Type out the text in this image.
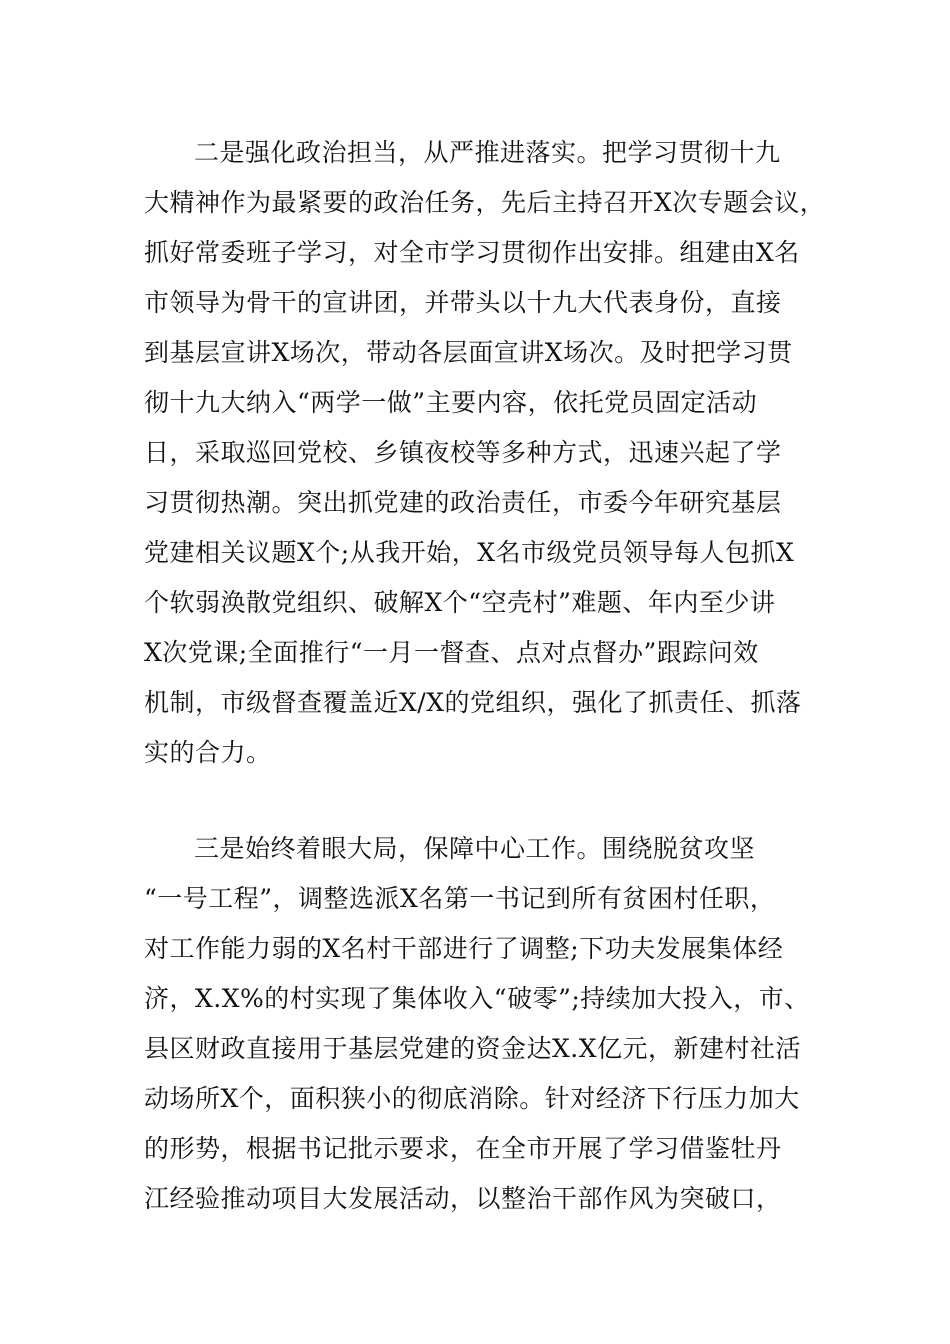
二是强化政治担当，从严推进落实。把学习贯彻十九
大精神作为最紧要的政治任务，先后主持召开X次专题会议，
抓好常委班子学习，对全市学习贯彻作出安排。组建由X名
市领导为骨干的宣讲团，并带头以十九大代表身份，直接
到基层宣讲X场次，带动各层面宣讲X场次。及时把学习贯
彻十九大纳入“两学一做”主要内容，依托党员固定活动
日，采取巡回党校、乡镇夜校等多种方式，迅速兴起了学
习贯彻热潮。突出抓党建的政治责任，市委今年研究基层
党建相关议题X个;从我开始，X名市级党员领导每人包抓X
个软弱涣散党组织、破解X个“空壳村”难题、年内至少讲
X次党课;全面推行“一月一督查、点对点督办”跟踪问效
机制，市级督查覆盖近X/X的党组织，强化了抓责任、抓落
实的合力。
三是始终着眼大局，保障中心工作。围绕脱贫攻坚
“一号工程”，调整选派X名第一书记到所有贫困村任职，
对工作能力弱的X名村干部进行了调整;下功夫发展集体经
济，X.X%的村实现了集体收入“破零”;持续加大投入，市、
县区财政直接用于基层党建的资金达X.X亿元，新建村社活
动场所X个，面积狭小的彻底消除。针对经济下行压力加大
的形势，根据书记批示要求，在全市开展了学习借鉴牡丹
江经验推动项目大发展活动，以整治干部作风为突破口，
